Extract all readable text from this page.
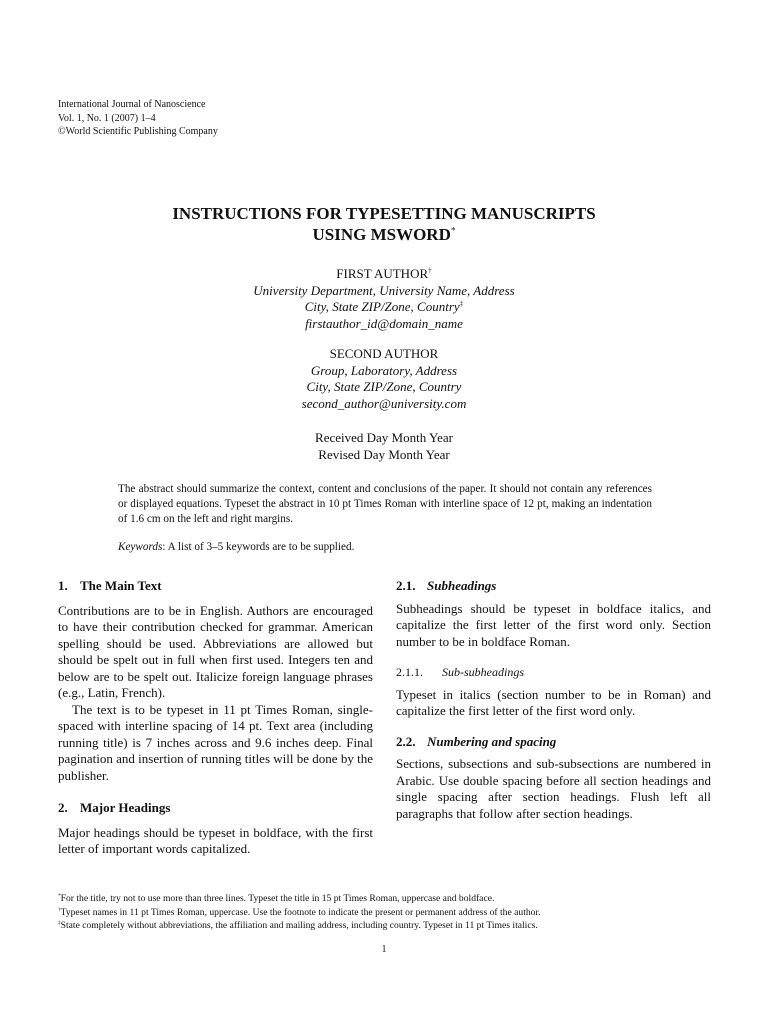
International Journal of Nanoscience
Vol. 1, No. 1 (2007) 1–4
©World Scientific Publishing Company
INSTRUCTIONS FOR TYPESETTING MANUSCRIPTS
USING MSWORD*
FIRST AUTHOR†
University Department, University Name, Address
City, State ZIP/Zone, Country‡
firstauthor_id@domain_name
SECOND AUTHOR
Group, Laboratory, Address
City, State ZIP/Zone, Country
second_author@university.com
Received Day Month Year
Revised Day Month Year
The abstract should summarize the context, content and conclusions of the paper. It should not contain any references or displayed equations. Typeset the abstract in 10 pt Times Roman with interline space of 12 pt, making an indentation of 1.6 cm on the left and right margins.
Keywords: A list of 3–5 keywords are to be supplied.
1. The Main Text

Contributions are to be in English. Authors are encouraged to have their contribution checked for grammar. American spelling should be used. Abbreviations are allowed but should be spelt out in full when first used. Integers ten and below are to be spelt out. Italicize foreign language phrases (e.g., Latin, French).

The text is to be typeset in 11 pt Times Roman, single-spaced with interline spacing of 14 pt. Text area (including running title) is 7 inches across and 9.6 inches deep. Final pagination and insertion of running titles will be done by the publisher.

2. Major Headings

Major headings should be typeset in boldface, with the first letter of important words capitalized.

2.1. Subheadings

Subheadings should be typeset in boldface italics, and capitalize the first letter of the first word only. Section number to be in boldface Roman.

2.1.1. Sub-subheadings

Typeset in italics (section number to be in Roman) and capitalize the first letter of the first word only.

2.2. Numbering and spacing

Sections, subsections and sub-subsections are numbered in Arabic. Use double spacing before all section headings and single spacing after section headings. Flush left all paragraphs that follow after section headings.

*For the title, try not to use more than three lines. Typeset the title in 15 pt Times Roman, uppercase and boldface.
†Typeset names in 11 pt Times Roman, uppercase. Use the footnote to indicate the present or permanent address of the author.
‡State completely without abbreviations, the affiliation and mailing address, including country. Typeset in 11 pt Times italics.
1
